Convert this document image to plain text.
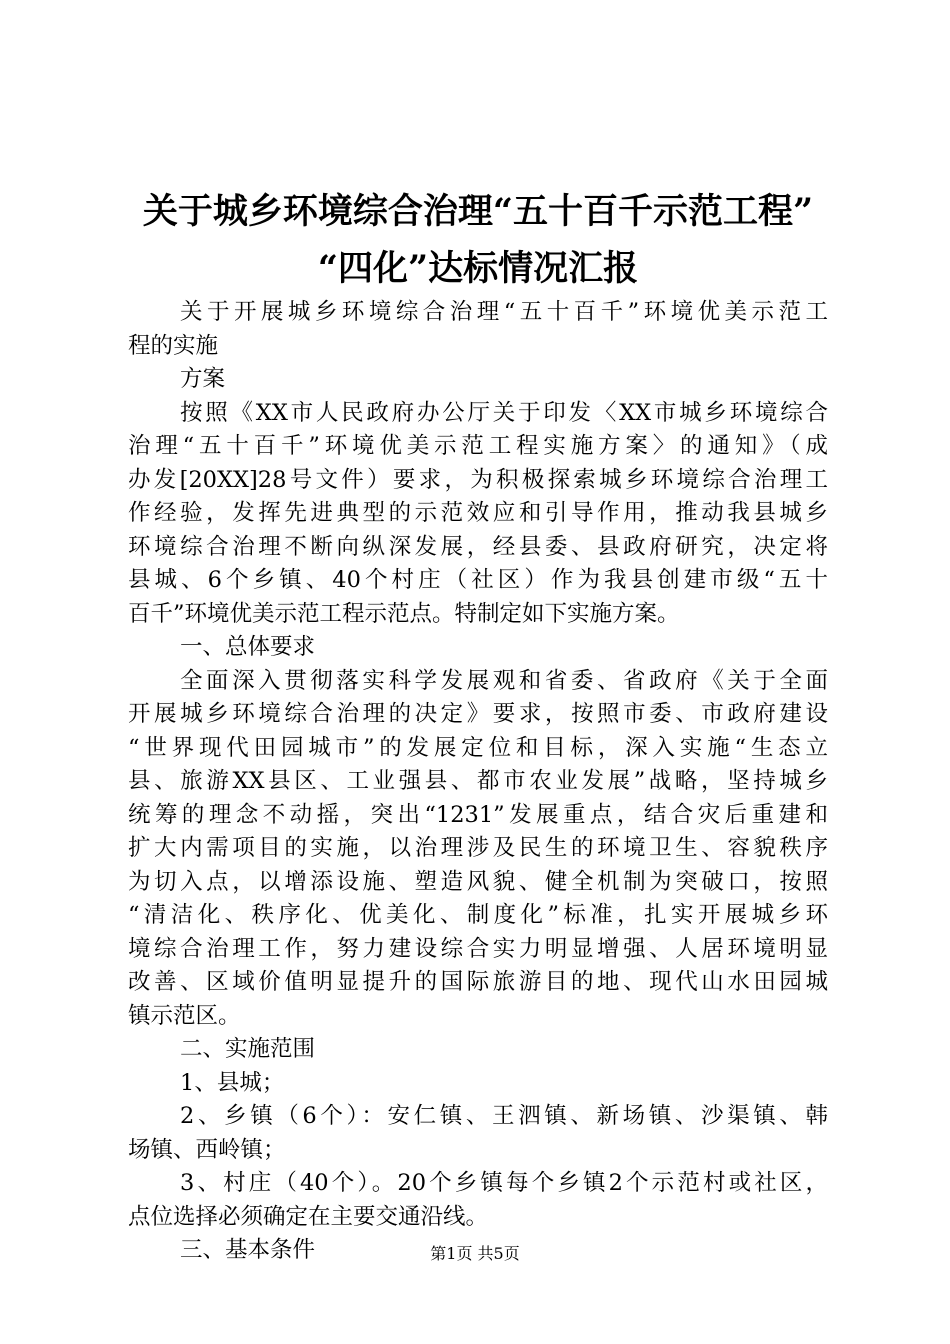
关于城乡环境综合治理“五十百千示范工程”
“四化”达标情况汇报
关于开展城乡环境综合治理“五十百千”环境优美示范工
程的实施
方案
按照《XX市人民政府办公厅关于印发〈XX市城乡环境综合
治理“五十百千”环境优美示范工程实施方案〉的通知》（成
办发[20XX]28号文件）要求，为积极探索城乡环境综合治理工
作经验，发挥先进典型的示范效应和引导作用，推动我县城乡
环境综合治理不断向纵深发展，经县委、县政府研究，决定将
县城、6个乡镇、40个村庄（社区）作为我县创建市级“五十
百千”环境优美示范工程示范点。特制定如下实施方案。
一、总体要求
全面深入贯彻落实科学发展观和省委、省政府《关于全面
开展城乡环境综合治理的决定》要求，按照市委、市政府建设
“世界现代田园城市”的发展定位和目标，深入实施“生态立
县、旅游XX县区、工业强县、都市农业发展”战略，坚持城乡
统筹的理念不动摇，突出“1231”发展重点，结合灾后重建和
扩大内需项目的实施，以治理涉及民生的环境卫生、容貌秩序
为切入点，以增添设施、塑造风貌、健全机制为突破口，按照
“清洁化、秩序化、优美化、制度化”标准，扎实开展城乡环
境综合治理工作，努力建设综合实力明显增强、人居环境明显
改善、区域价值明显提升的国际旅游目的地、现代山水田园城
镇示范区。
二、实施范围
1、县城；
2、乡镇（6个）：安仁镇、王泗镇、新场镇、沙渠镇、韩
场镇、西岭镇；
3、村庄（40个）。20个乡镇每个乡镇2个示范村或社区，
点位选择必须确定在主要交通沿线。
三、基本条件	第1页 共5页
